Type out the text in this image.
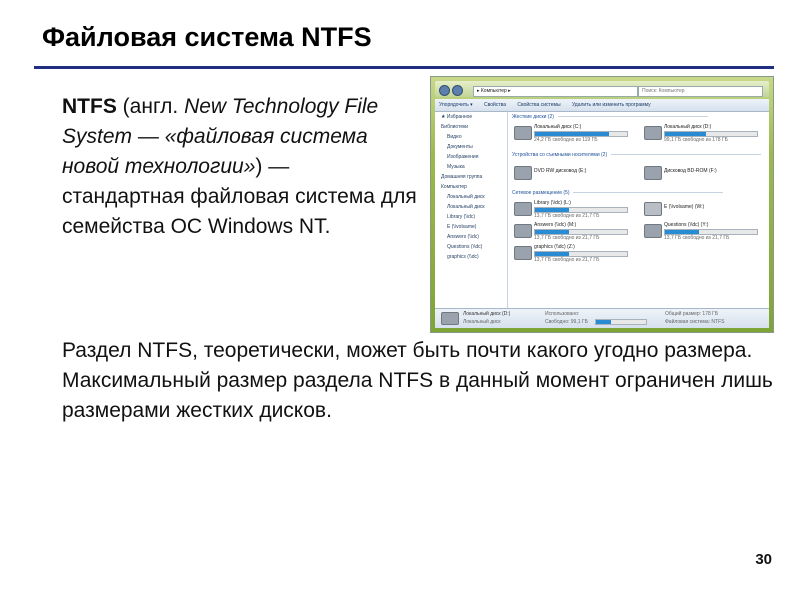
Файловая система NTFS
NTFS (англ. New Technology File System — «файловая система новой технологии») — стандартная файловая система для семейства ОС Windows NT.
Раздел NTFS, теоретически, может быть почти какого угодно размера. Максимальный размер раздела NTFS в данный момент ограничен лишь размерами жестких дисков.
30
▸ Компьютер ▸	Поиск: Компьютер
Упорядочить ▾ Свойства Свойства системы Удалить или изменить программу
★ Избранное
Библиотеки
Видео
Документы
Изображения
Музыка
Домашняя группа
Компьютер
Локальный диск
Локальный диск
Library (\\dc)
E (\\volsame)
Answers (\\dc)
Questions (\\dc)
graphics (\\dc)
Жесткие диски (2)
Локальный диск (C:)
24,2 ГБ свободно из 119 ГБ
Локальный диск (D:)
99,1 ГБ свободно из 178 ГБ
Устройства со съемными носителями (2)
DVD RW дисковод (E:)	Дисковод BD-ROM (F:)
Сетевое размещение (5)
Library (\\dc) (L:)
13,7 ГБ свободно из 21,7 ГБ
E (\\volsame) (W:)
Answers (\\dc) (M:)
13,7 ГБ свободно из 21,7 ГБ
Questions (\\dc) (Y:)
13,7 ГБ свободно из 21,7 ГБ
graphics (\\dc) (Z:)
13,7 ГБ свободно из 21,7 ГБ
Локальный диск (D:)
Локальный диск
Использовано:
Свободно: 99,1 ГБ
Общий размер: 178 ГБ
Файловая система: NTFS
